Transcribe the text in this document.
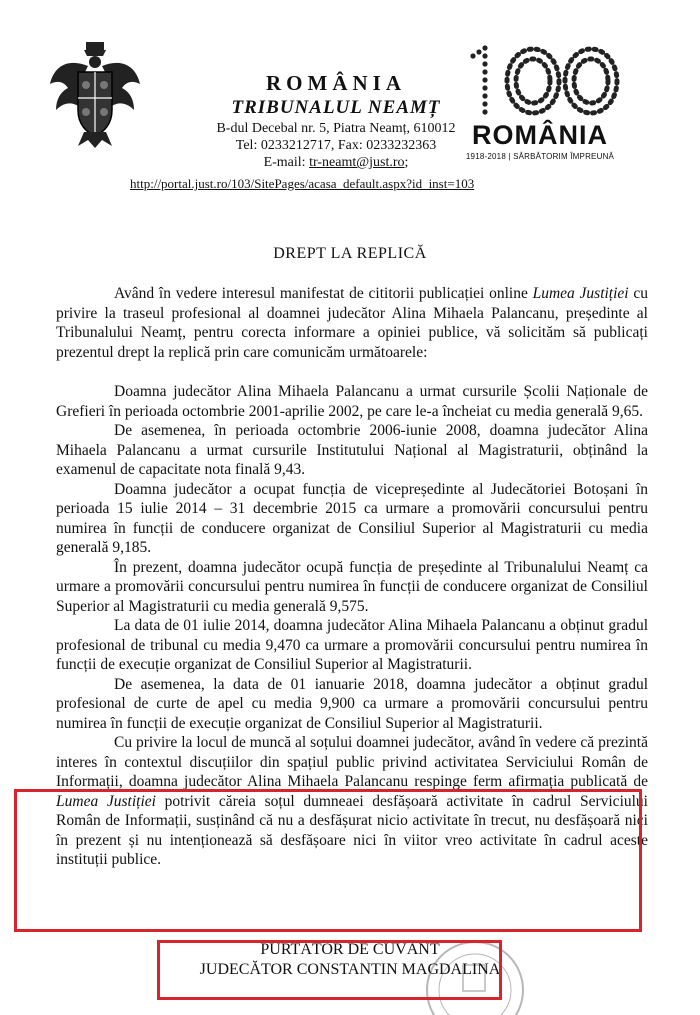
ROMÂNIA
TRIBUNALUL NEAMȚ
B-dul Decebal nr. 5, Piatra Neamț, 610012
Tel: 0233212717, Fax: 0233232363
E-mail: tr-neamt@just.ro;
http://portal.just.ro/103/SitePages/acasa_default.aspx?id_inst=103
ROMÂNIA
1918-2018 | SĂRBĂTORIM ÎMPREUNĂ
DREPT LA REPLICĂ

Având în vedere interesul manifestat de cititorii publicației online Lumea Justiției cu privire la traseul profesional al doamnei judecător Alina Mihaela Palancanu, președinte al Tribunalului Neamț, pentru corecta informare a opiniei publice, vă solicităm să publicați prezentul drept la replică prin care comunicăm următoarele:

Doamna judecător Alina Mihaela Palancanu a urmat cursurile Școlii Naționale de Grefieri în perioada octombrie 2001-aprilie 2002, pe care le-a încheiat cu media generală 9,65.

De asemenea, în perioada octombrie 2006-iunie 2008, doamna judecător Alina Mihaela Palancanu a urmat cursurile Institutului Național al Magistraturii, obținând la examenul de capacitate nota finală 9,43.

Doamna judecător a ocupat funcția de vicepreședinte al Judecătoriei Botoșani în perioada 15 iulie 2014 – 31 decembrie 2015 ca urmare a promovării concursului pentru numirea în funcții de conducere organizat de Consiliul Superior al Magistraturii cu media generală 9,185.

În prezent, doamna judecător ocupă funcția de președinte al Tribunalului Neamț ca urmare a promovării concursului pentru numirea în funcții de conducere organizat de Consiliul Superior al Magistraturii cu media generală 9,575.

La data de 01 iulie 2014, doamna judecător Alina Mihaela Palancanu a obținut gradul profesional de tribunal cu media 9,470 ca urmare a promovării concursului pentru numirea în funcții de execuție organizat de Consiliul Superior al Magistraturii.

De asemenea, la data de 01 ianuarie 2018, doamna judecător a obținut gradul profesional de curte de apel cu media 9,900 ca urmare a promovării concursului pentru numirea în funcții de execuție organizat de Consiliul Superior al Magistraturii.

Cu privire la locul de muncă al soțului doamnei judecător, având în vedere că prezintă interes în contextul discuțiilor din spațiul public privind activitatea Serviciului Român de Informații, doamna judecător Alina Mihaela Palancanu respinge ferm afirmația publicată de Lumea Justiției potrivit căreia soțul dumneaei desfășoară activitate în cadrul Serviciului Român de Informații, susținând că nu a desfășurat nicio activitate în trecut, nu desfășoară nici în prezent și nu intenționează să desfășoare nici în viitor vreo activitate în cadrul aceste instituții publice.

PURTĂTOR DE CUVÂNT
JUDECĂTOR CONSTANTIN MAGDALINA
